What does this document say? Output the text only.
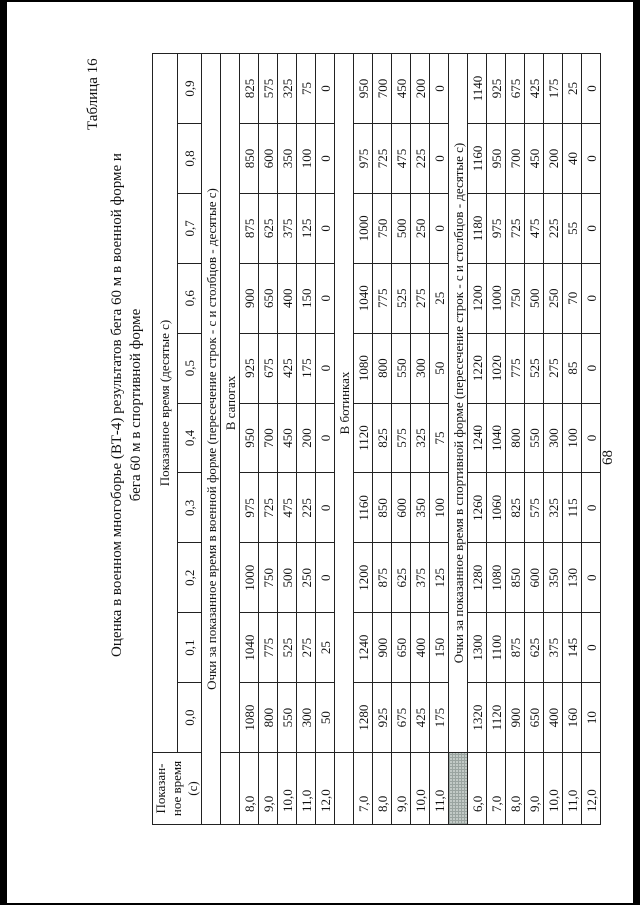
68
Таблица 16
Оценка в военном многоборье (ВТ-4) результатов бега 60 м в военной форме и бега 60 м в спортивной форме
Показан-ное время (с)	Показанное время (десятые с)									
	0,0	0,1	0,2	0,3	0,4	0,5	0,6	0,7	0,8	0,9
Очки за показанное время в военной форме (пересечение строк - с и столбцов - десятые с)										
	В сапогах									
8,0	1080	1040	1000	975	950	925	900	875	850	825
9,0	800	775	750	725	700	675	650	625	600	575
10,0	550	525	500	475	450	425	400	375	350	325
11,0	300	275	250	225	200	175	150	125	100	75
12,0	50	25	0	0	0	0	0	0	0	0
	В ботинках									
7,0	1280	1240	1200	1160	1120	1080	1040	1000	975	950
8,0	925	900	875	850	825	800	775	750	725	700
9,0	675	650	625	600	575	550	525	500	475	450
10,0	425	400	375	350	325	300	275	250	225	200
11,0	175	150	125	100	75	50	25	0	0	0
	Очки за показанное время в спортивной форме (пересечение строк - с и столбцов - десятые с)									
6,0	1320	1300	1280	1260	1240	1220	1200	1180	1160	1140
7,0	1120	1100	1080	1060	1040	1020	1000	975	950	925
8,0	900	875	850	825	800	775	750	725	700	675
9,0	650	625	600	575	550	525	500	475	450	425
10,0	400	375	350	325	300	275	250	225	200	175
11,0	160	145	130	115	100	85	70	55	40	25
12,0	10	0	0	0	0	0	0	0	0	0
